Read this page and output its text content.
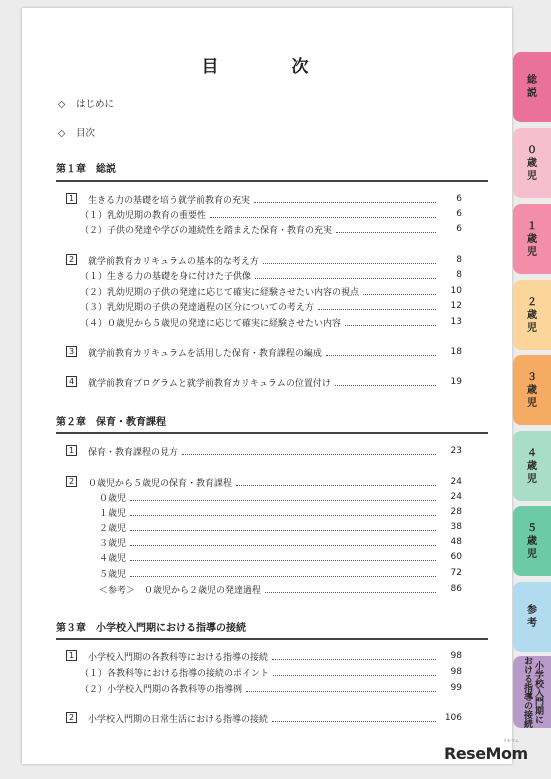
目　次
◇ はじめに
◇ 目次
第１章　総説
1	生きる力の基礎を培う就学前教育の充実	6
（１）乳幼児期の教育の重要性	6
（２）子供の発達や学びの連続性を踏まえた保育・教育の充実	6
2	就学前教育カリキュラムの基本的な考え方	8
（１）生きる力の基礎を身に付けた子供像	8
（２）乳幼児期の子供の発達に応じて確実に経験させたい内容の視点	10
（３）乳幼児期の子供の発達過程の区分についての考え方	12
（４）０歳児から５歳児の発達に応じて確実に経験させたい内容	13
3	就学前教育カリキュラムを活用した保育・教育課程の編成	18
4	就学前教育プログラムと就学前教育カリキュラムの位置付け	19
第２章　保育・教育課程
1	保育・教育課程の見方	23
2	０歳児から５歳児の保育・教育課程	24
０歳児	24
１歳児	28
２歳児	38
３歳児	48
４歳児	60
５歳児	72
＜参考＞　０歳児から２歳児の発達過程	86
第３章　小学校入門期における指導の接続
1	小学校入門期の各教科等における指導の接続	98
（１）各教科等における指導の接続のポイント	98
（２）小学校入門期の各教科等の指導例	99
2	小学校入門期の日常生活における指導の接続	106
総
説
０
歳
児
１
歳
児
２
歳
児
３
歳
児
４
歳
児
５
歳
児
参
考
小学校入門期に
おける指導の接続
ReseMom
リセマム
